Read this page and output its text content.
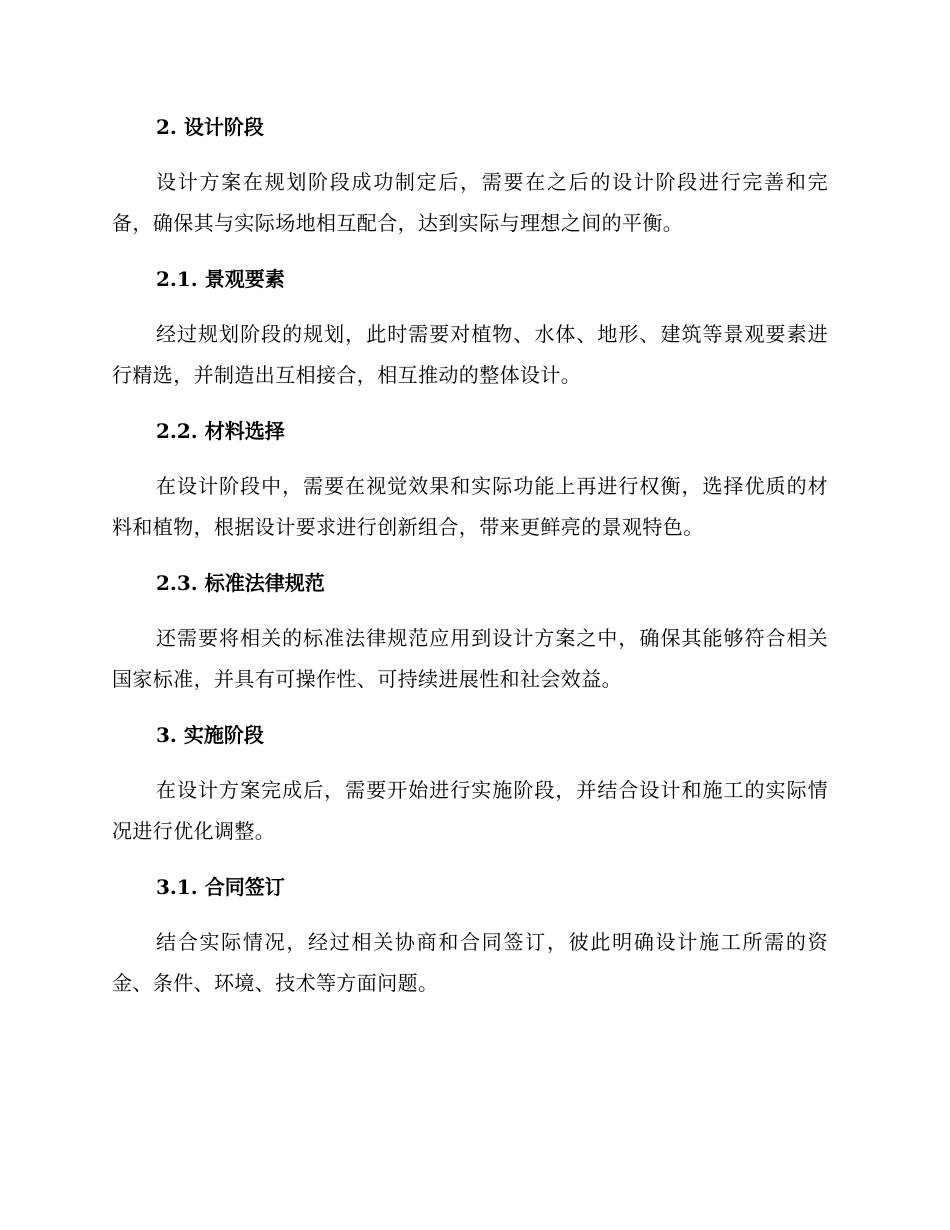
2. 设计阶段

设计方案在规划阶段成功制定后，需要在之后的设计阶段进行完善和完备，确保其与实际场地相互配合，达到实际与理想之间的平衡。

2.1. 景观要素

经过规划阶段的规划，此时需要对植物、水体、地形、建筑等景观要素进行精选，并制造出互相接合，相互推动的整体设计。

2.2. 材料选择

在设计阶段中，需要在视觉效果和实际功能上再进行权衡，选择优质的材料和植物，根据设计要求进行创新组合，带来更鲜亮的景观特色。

2.3. 标准法律规范

还需要将相关的标准法律规范应用到设计方案之中，确保其能够符合相关国家标准，并具有可操作性、可持续进展性和社会效益。

3. 实施阶段

在设计方案完成后，需要开始进行实施阶段，并结合设计和施工的实际情况进行优化调整。

3.1. 合同签订

结合实际情况，经过相关协商和合同签订，彼此明确设计施工所需的资金、条件、环境、技术等方面问题。
